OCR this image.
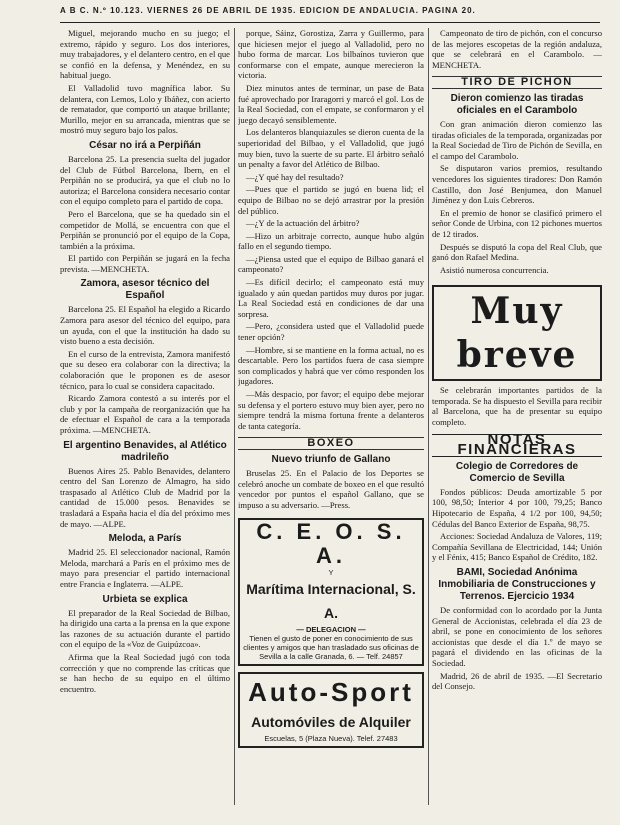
A B C. N.º 10.123. VIERNES 26 DE ABRIL DE 1935. EDICION DE ANDALUCIA. PAGINA 20.

Miguel, mejorando mucho en su juego; el extremo, rápido y seguro. Los dos interiores, muy trabajadores, y el delantero centro, en el que se confió en la defensa, y Menéndez, en su habitual juego.

El Valladolid tuvo magnífica labor. Su delantera, con Lemos, Lolo y Ibáñez, con acierto de rematador, que comportó un ataque brillante; Murillo, mejor en su arrancada, mientras que se mostró muy seguro bajo los palos.

César no irá a Perpiñán

Barcelona 25. La presencia suelta del jugador del Club de Fútbol Barcelona, Ibern, en el Perpiñán no se producirá, ya que el club no lo autoriza; el Barcelona considera necesario contar con el equipo completo para el partido de copa.

Pero el Barcelona, que se ha quedado sin el competidor de Mollá, se encuentra con que el Perpiñán se pronunció por el equipo de la Copa, también a la próxima.

El partido con Perpiñán se jugará en la fecha prevista. —MENCHETA.

Zamora, asesor técnico del Español

Barcelona 25. El Español ha elegido a Ricardo Zamora para asesor del técnico del equipo, para un ayuda, con el que la institución ha dado su visto bueno a esta decisión.

En el curso de la entrevista, Zamora manifestó que su deseo era colaborar con la directiva; la colaboración que le proponen es de asesor técnico, para lo cual se considera capacitado.

Ricardo Zamora contestó a su interés por el club y por la campaña de reorganización que ha de efectuar el Español de cara a la temporada próxima. —MENCHETA.

El argentino Benavides, al Atlético madrileño

Buenos Aires 25. Pablo Benavides, delantero centro del San Lorenzo de Almagro, ha sido traspasado al Atlético Club de Madrid por la cantidad de 15.000 pesos. Benavides se trasladará a España hacia el día del próximo mes de mayo. —ALPE.

Meloda, a París

Madrid 25. El seleccionador nacional, Ramón Meloda, marchará a París en el próximo mes de mayo para presenciar el partido internacional entre Francia e Inglaterra. —ALPE.

Urbieta se explica

El preparador de la Real Sociedad de Bilbao, ha dirigido una carta a la prensa en la que expone las razones de su actuación durante el partido con el equipo de la «Voz de Guipúzcoa».

Afirma que la Real Sociedad jugó con toda corrección y que no comprende las críticas que se han hecho de su equipo en el último encuentro.

porque, Sáinz, Gorostiza, Zarra y Guillermo, para que hiciesen mejor el juego al Valladolid, pero no hubo forma de marcar. Los bilbaínos tuvieron que conformarse con el empate, aunque merecieron la victoria.

Diez minutos antes de terminar, un pase de Bata fué aprovechado por Iraragorri y marcó el gol. Los de la Real Sociedad, con el empate, se conformaron y el juego decayó sensiblemente.

Los delanteros blanquiazules se dieron cuenta de la superioridad del Bilbao, y el Valladolid, que jugó muy bien, tuvo la suerte de su parte. El árbitro señaló un penalty a favor del Atlético de Bilbao.

—¿Y qué hay del resultado?

—Pues que el partido se jugó en buena lid; el equipo de Bilbao no se dejó arrastrar por la presión del público.

—¿Y de la actuación del árbitro?

—Hizo un arbitraje correcto, aunque hubo algún fallo en el segundo tiempo.

—¿Piensa usted que el equipo de Bilbao ganará el campeonato?

—Es difícil decirlo; el campeonato está muy igualado y aún quedan partidos muy duros por jugar. La Real Sociedad está en condiciones de dar una sorpresa.

—Pero, ¿considera usted que el Valladolid puede tener opción?

—Hombre, si se mantiene en la forma actual, no es descartable. Pero los partidos fuera de casa siempre son complicados y habrá que ver cómo responden los jugadores.

—Más despacio, por favor; el equipo debe mejorar su defensa y el portero estuvo muy bien ayer, pero no siempre tendrá la misma fortuna frente a delanteros de tanta categoría.

BOXEO
Nuevo triunfo de Gallano

Bruselas 25. En el Palacio de los Deportes se celebró anoche un combate de boxeo en el que resultó vencedor por puntos el español Gallano, que se impuso a su adversario. —Press.

C. E. O. S. A.
Y
Marítima Internacional, S. A.
— DELEGACION —
Tienen el gusto de poner en conocimiento de sus clientes y amigos que han trasladado sus oficinas de Sevilla a la calle Granada, 6. — Telf. 24857
Auto-Sport
Automóviles de Alquiler
Escuelas, 5 (Plaza Nueva). Telef. 27483

Campeonato de tiro de pichón, con el concurso de las mejores escopetas de la región andaluza, que se celebrará en el Carambolo. —MENCHETA.

TIRO DE PICHON
Dieron comienzo las tiradas oficiales en el Carambolo

Con gran animación dieron comienzo las tiradas oficiales de la temporada, organizadas por la Real Sociedad de Tiro de Pichón de Sevilla, en el campo del Carambolo.

Se disputaron varios premios, resultando vencedores los siguientes tiradores: Don Ramón Castillo, don José Benjumea, don Manuel Jiménez y don Luis Cebreros.

En el premio de honor se clasificó primero el señor Conde de Urbina, con 12 pichones muertos de 12 tirados.

Después se disputó la copa del Real Club, que ganó don Rafael Medina.

Asistió numerosa concurrencia.

Muy breve

Se celebrarán importantes partidos de la temporada. Se ha dispuesto el Sevilla para recibir al Barcelona, que ha de presentar su equipo completo.

NOTAS FINANCIERAS
Colegio de Corredores de Comercio de Sevilla

Fondos públicos: Deuda amortizable 5 por 100, 98,50; Interior 4 por 100, 79,25; Banco Hipotecario de España, 4 1/2 por 100, 94,50; Cédulas del Banco Exterior de España, 98,75.

Acciones: Sociedad Andaluza de Valores, 119; Compañía Sevillana de Electricidad, 144; Unión y el Fénix, 415; Banco Español de Crédito, 182.

BAMI, Sociedad Anónima Inmobiliaria de Construcciones y Terrenos. Ejercicio 1934

De conformidad con lo acordado por la Junta General de Accionistas, celebrada el día 23 de abril, se pone en conocimiento de los señores accionistas que desde el día 1.º de mayo se pagará el dividendo en las oficinas de la Sociedad.

Madrid, 26 de abril de 1935. —El Secretario del Consejo.
